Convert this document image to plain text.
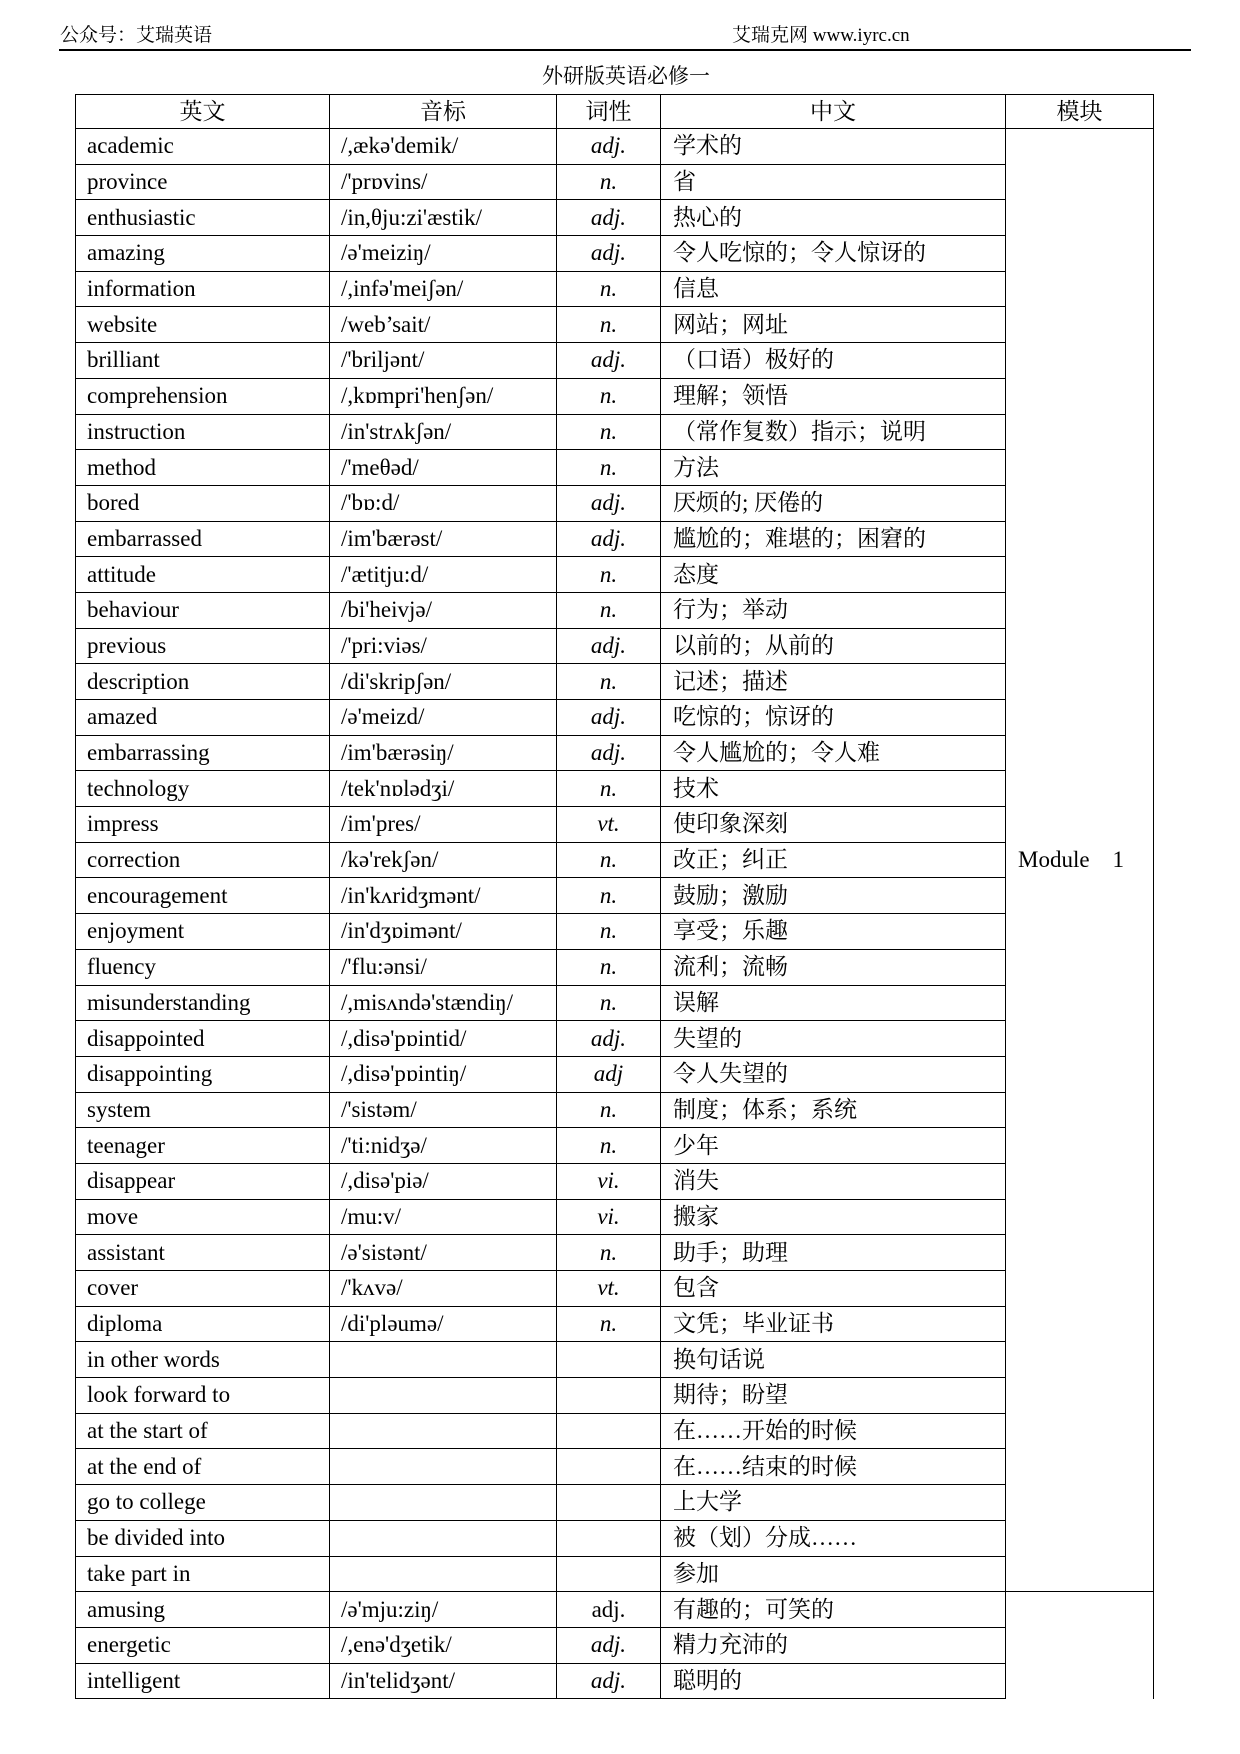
公众号：艾瑞英语	艾瑞克网 www.iyrc.cn
外研版英语必修一
英文	音标	词性	中文	模块
academic	/,ækə'demik/	adj.	学术的	Module　1
province	/'prɒvins/	n.	省	
enthusiastic	/in,θju:zi'æstik/	adj.	热心的	
amazing	/ə'meiziŋ/	adj.	令人吃惊的；令人惊讶的	
information	/,infə'meiʃən/	n.	信息	
website	/web’sait/	n.	网站；网址	
brilliant	/'briljənt/	adj.	（口语）极好的	
comprehension	/,kɒmpri'henʃən/	n.	理解；领悟	
instruction	/in'strʌkʃən/	n.	（常作复数）指示；说明	
method	/'meθəd/	n.	方法	
bored	/'bɒ:d/	adj.	厌烦的; 厌倦的	
embarrassed	/im'bærəst/	adj.	尴尬的；难堪的；困窘的	
attitude	/'ætitju:d/	n.	态度	
behaviour	/bi'heivjə/	n.	行为；举动	
previous	/'pri:viəs/	adj.	以前的；从前的	
description	/di'skripʃən/	n.	记述；描述	
amazed	/ə'meizd/	adj.	吃惊的；惊讶的	
embarrassing	/im'bærəsiŋ/	adj.	令人尴尬的；令人难	
technology	/tek'nɒlədʒi/	n.	技术	
impress	/im'pres/	vt.	使印象深刻	
correction	/kə'rekʃən/	n.	改正；纠正	
encouragement	/in'kʌridʒmənt/	n.	鼓励；激励	
enjoyment	/in'dʒɒimənt/	n.	享受；乐趣	
fluency	/'flu:ənsi/	n.	流利；流畅	
misunderstanding	/,misʌndə'stændiŋ/	n.	误解	
disappointed	/,disə'pɒintid/	adj.	失望的	
disappointing	/,disə'pɒintiŋ/	adj	令人失望的	
system	/'sistəm/	n.	制度；体系；系统	
teenager	/'ti:nidʒə/	n.	少年	
disappear	/,disə'piə/	vi.	消失	
move	/mu:v/	vi.	搬家	
assistant	/ə'sistənt/	n.	助手；助理	
cover	/'kʌvə/	vt.	包含	
diploma	/di'pləumə/	n.	文凭；毕业证书	
in other words			换句话说	
look forward to			期待；盼望	
at the start of			在……开始的时候	
at the end of			在……结束的时候	
go to college			上大学	
be divided into			被（划）分成……	
take part in			参加	
amusing	/ə'mju:ziŋ/	adj.	有趣的；可笑的	
energetic	/,enə'dʒetik/	adj.	精力充沛的	
intelligent	/in'telidʒənt/	adj.	聪明的	
